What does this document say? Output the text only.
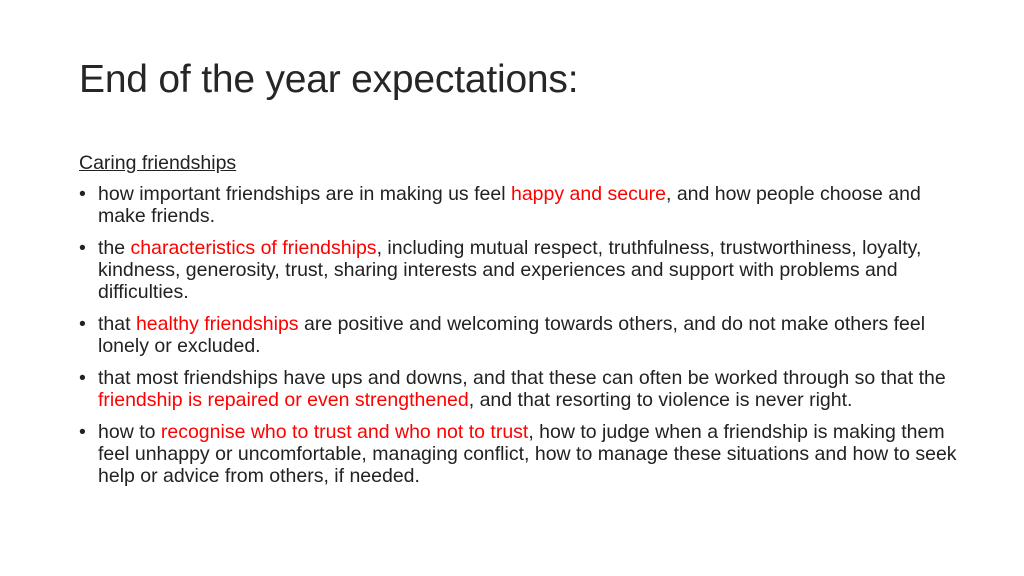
End of the year expectations:
Caring friendships
• how important friendships are in making us feel happy and secure, and how people choose and make friends.
• the characteristics of friendships, including mutual respect, truthfulness, trustworthiness, loyalty, kindness, generosity, trust, sharing interests and experiences and support with problems and difficulties.
• that healthy friendships are positive and welcoming towards others, and do not make others feel lonely or excluded.
• that most friendships have ups and downs, and that these can often be worked through so that the friendship is repaired or even strengthened, and that resorting to violence is never right.
• how to recognise who to trust and who not to trust, how to judge when a friendship is making them feel unhappy or uncomfortable, managing conflict, how to manage these situations and how to seek help or advice from others, if needed.
